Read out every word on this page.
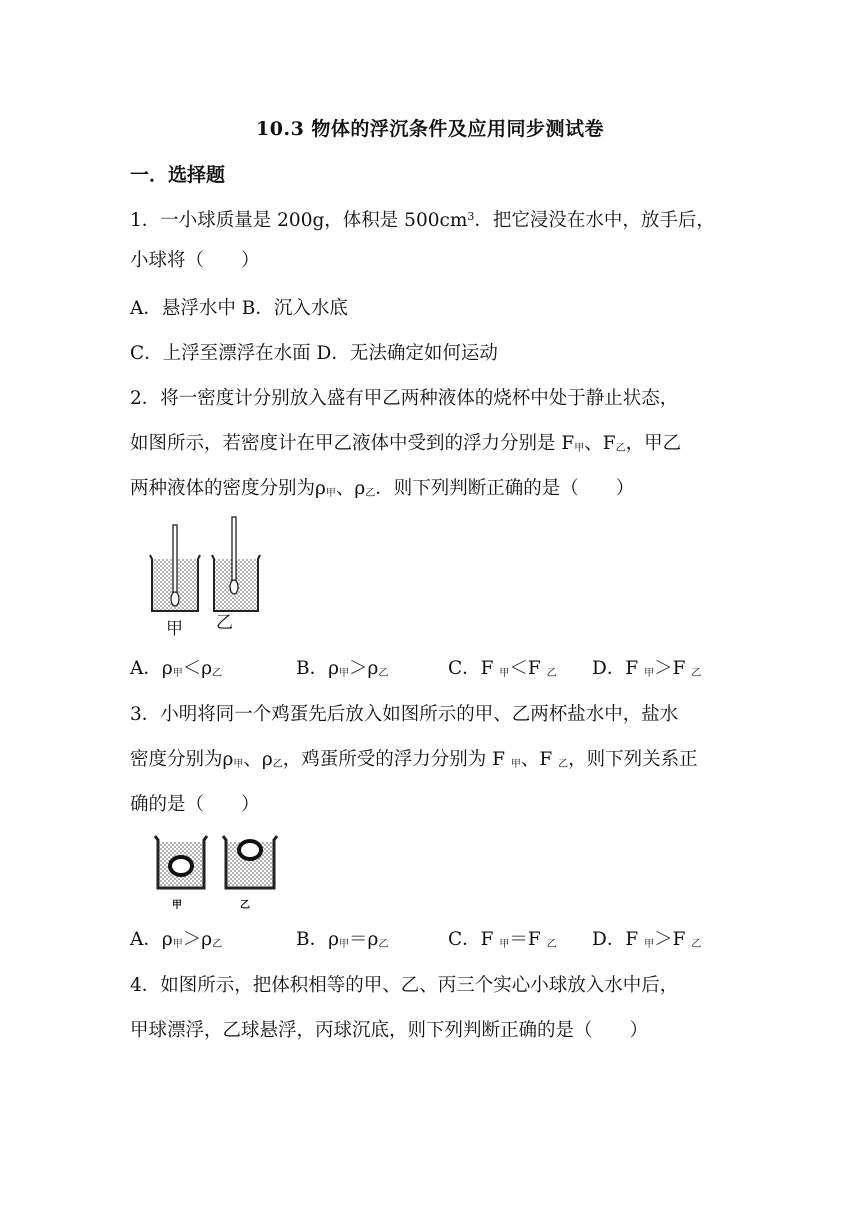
10.3 物体的浮沉条件及应用同步测试卷
一．选择题
1．一小球质量是 200g，体积是 $500cm^3$．把它浸没在水中，放手后，
小球将（　　）
A．悬浮水中 B．沉入水底
C．上浮至漂浮在水面 D．无法确定如何运动
2．将一密度计分别放入盛有甲乙两种液体的烧杯中处于静止状态，
如图所示，若密度计在甲乙液体中受到的浮力分别是 F甲、F乙，甲乙
两种液体的密度分别为ρ甲、ρ乙．则下列判断正确的是（　　）
甲 乙
A．ρ甲＜ρ乙	B．ρ甲＞ρ乙	C．F 甲＜F 乙 D．F 甲＞F 乙
3．小明将同一个鸡蛋先后放入如图所示的甲、乙两杯盐水中，盐水
密度分别为ρ甲、ρ乙，鸡蛋所受的浮力分别为 F 甲、F 乙，则下列关系正
确的是（　　）
甲	乙
A．ρ甲＞ρ乙	B．ρ甲＝ρ乙	C．F 甲＝F 乙 D．F 甲＞F 乙
4．如图所示，把体积相等的甲、乙、丙三个实心小球放入水中后，
甲球漂浮，乙球悬浮，丙球沉底，则下列判断正确的是（　　）
